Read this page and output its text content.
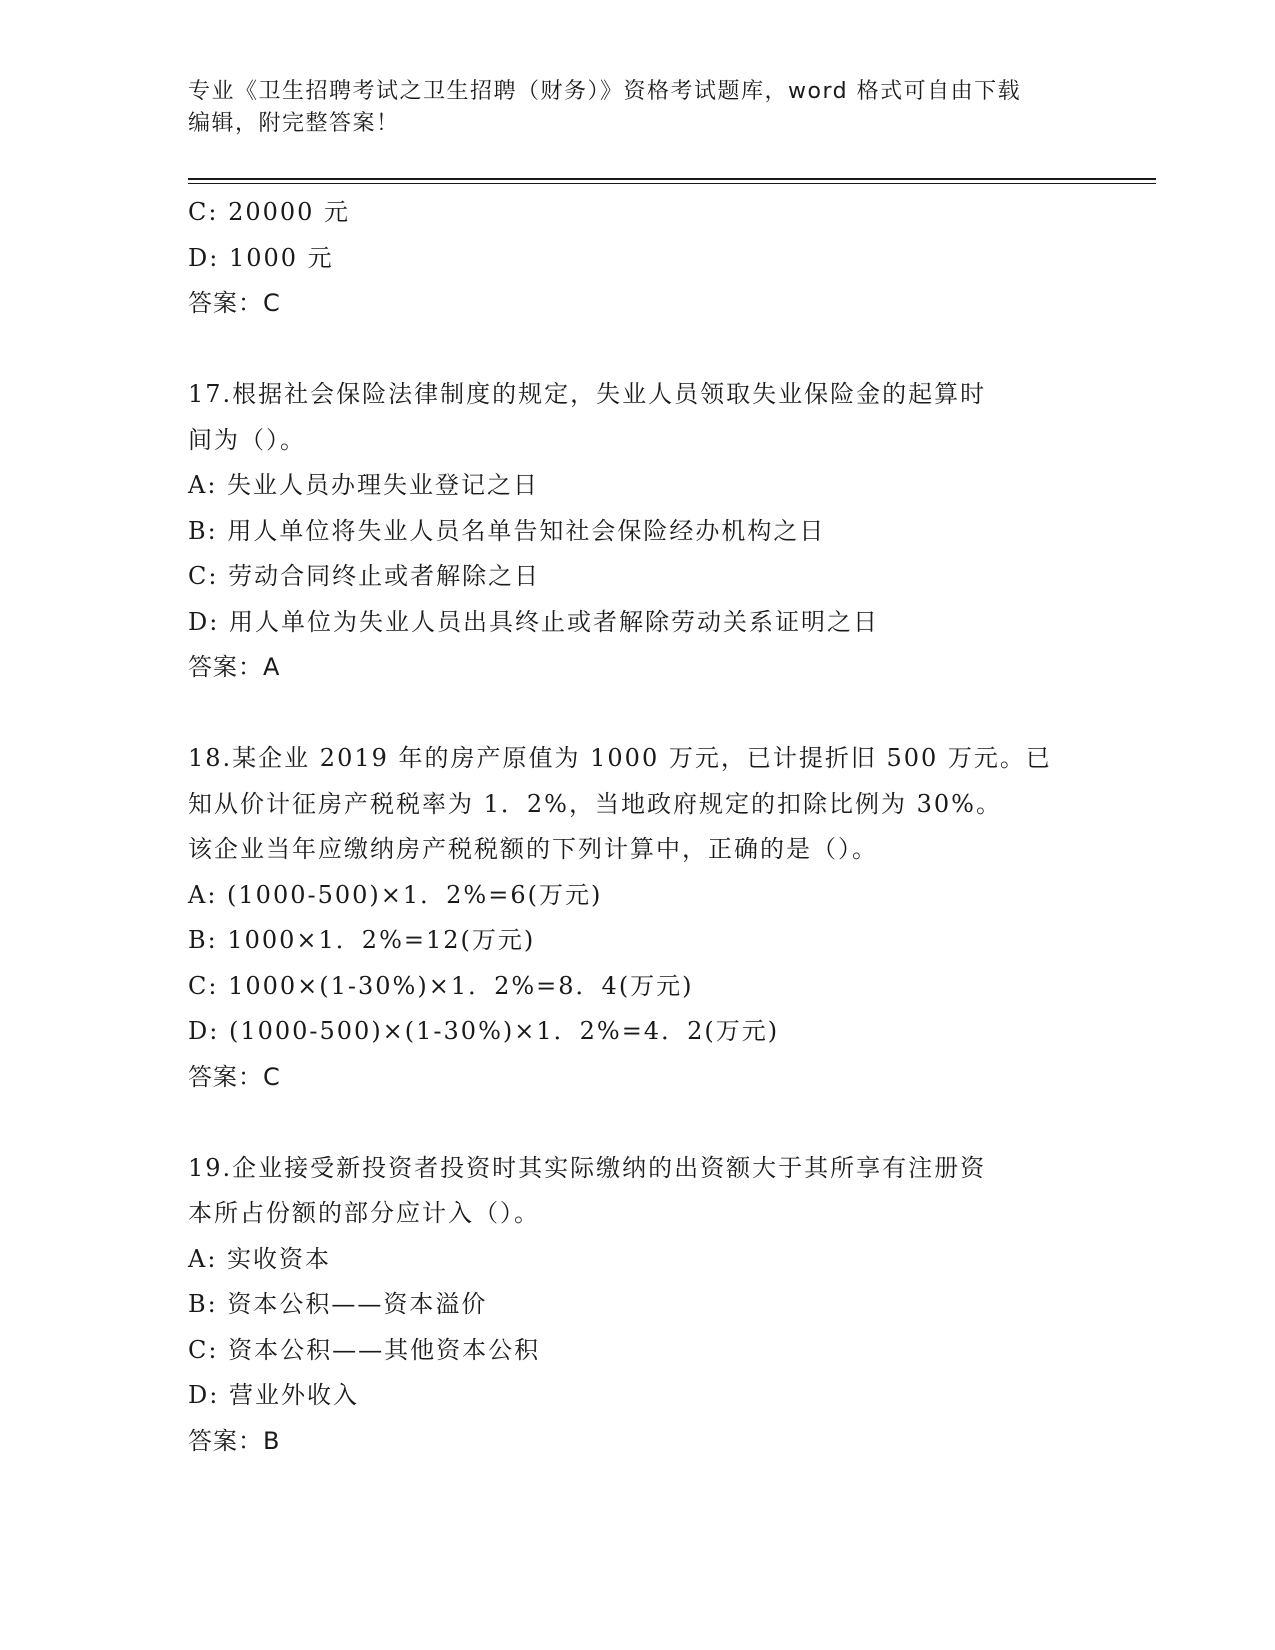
专业《卫生招聘考试之卫生招聘（财务）》资格考试题库，word 格式可自由下载
编辑，附完整答案！
C: 20000 元
D: 1000 元
答案：C
17.根据社会保险法律制度的规定，失业人员领取失业保险金的起算时
间为（）。
A: 失业人员办理失业登记之日
B: 用人单位将失业人员名单告知社会保险经办机构之日
C: 劳动合同终止或者解除之日
D: 用人单位为失业人员出具终止或者解除劳动关系证明之日
答案：A
18.某企业 2019 年的房产原值为 1000 万元，已计提折旧 500 万元。已
知从价计征房产税税率为 1．2%，当地政府规定的扣除比例为 30%。
该企业当年应缴纳房产税税额的下列计算中，正确的是（）。
A: (1000-500)×1．2%=6(万元)
B: 1000×1．2%=12(万元)
C: 1000×(1-30%)×1．2%=8．4(万元)
D: (1000-500)×(1-30%)×1．2%=4．2(万元)
答案：C
19.企业接受新投资者投资时其实际缴纳的出资额大于其所享有注册资
本所占份额的部分应计入（）。
A: 实收资本
B: 资本公积——资本溢价
C: 资本公积——其他资本公积
D: 营业外收入
答案：B
